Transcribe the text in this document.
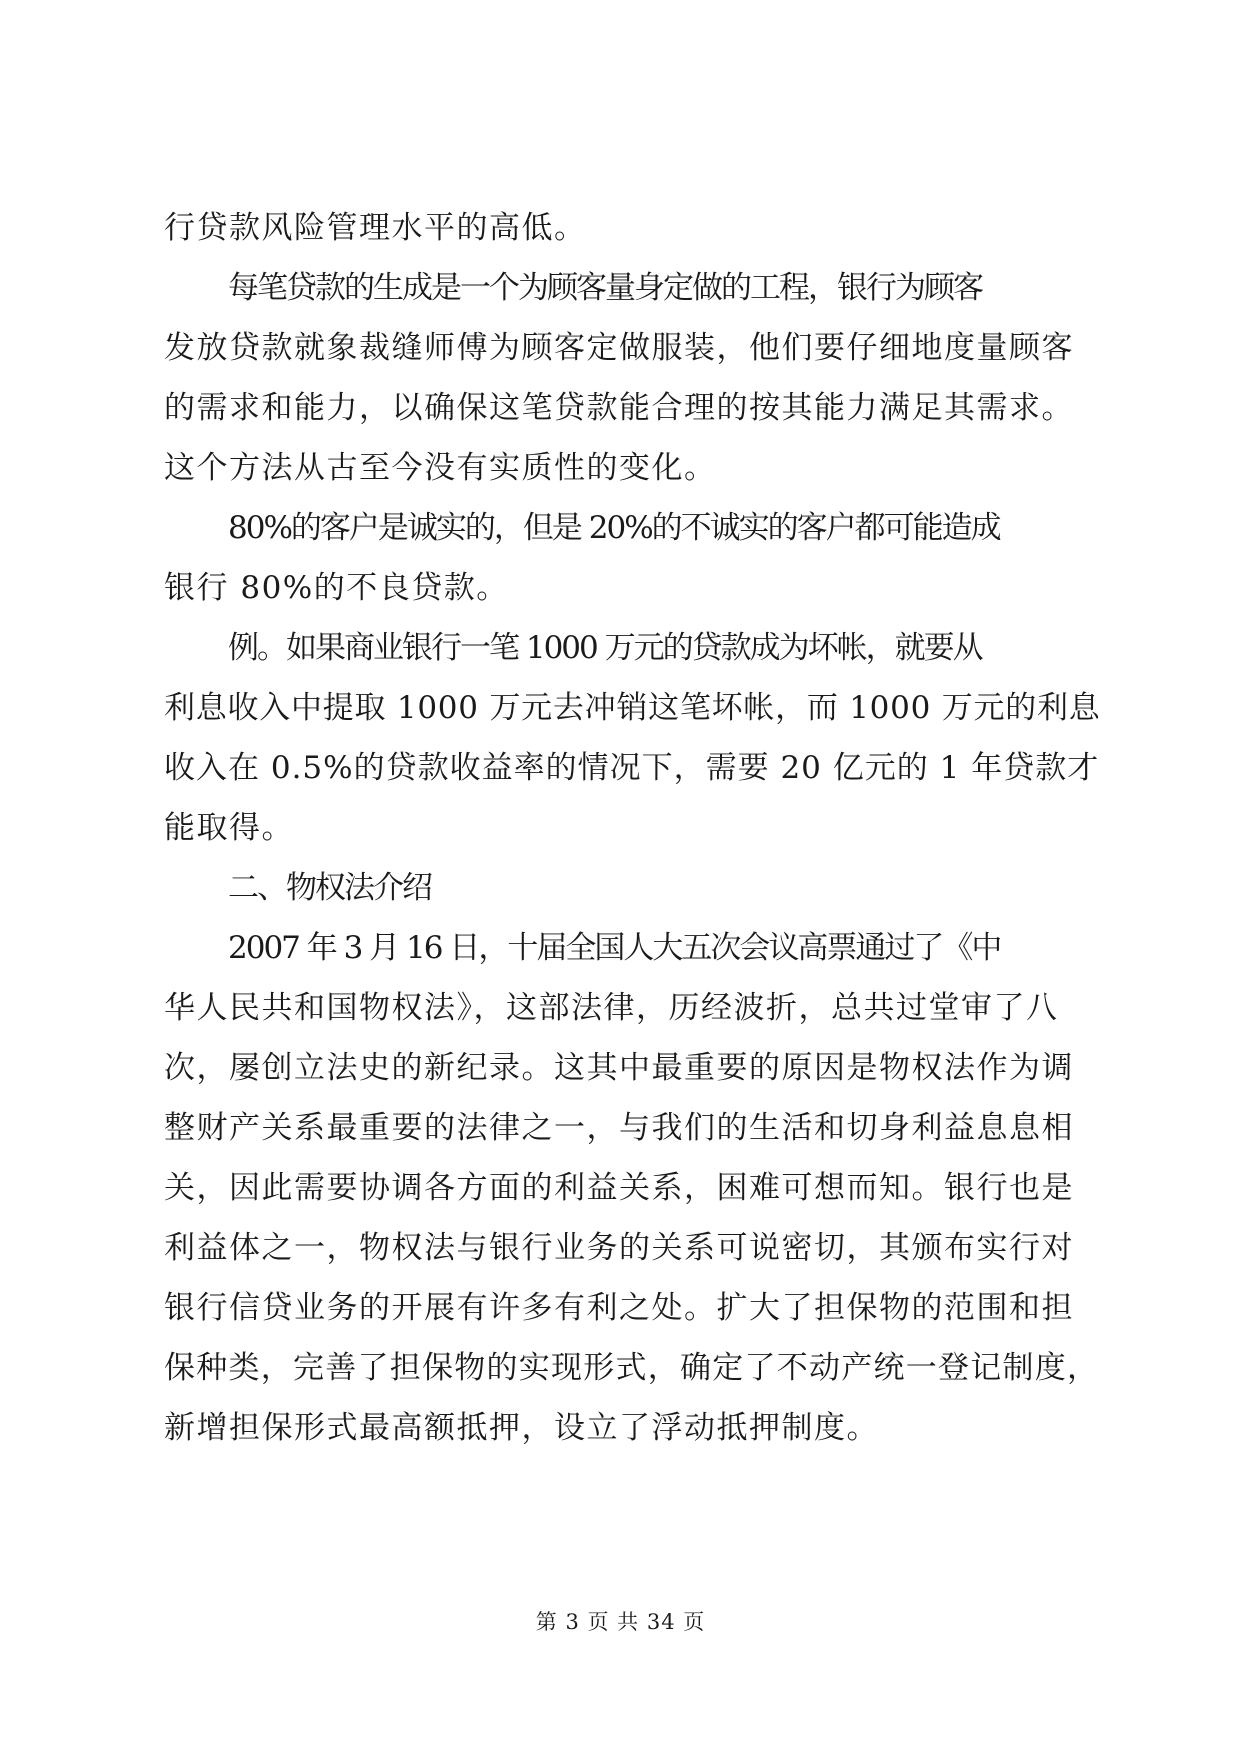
行贷款风险管理水平的高低。
每笔贷款的生成是一个为顾客量身定做的工程，银行为顾客
发放贷款就象裁缝师傅为顾客定做服装，他们要仔细地度量顾客
的需求和能力，以确保这笔贷款能合理的按其能力满足其需求。
这个方法从古至今没有实质性的变化。
80%的客户是诚实的，但是 20%的不诚实的客户都可能造成
银行 80%的不良贷款。
例。如果商业银行一笔 1000 万元的贷款成为坏帐，就要从
利息收入中提取 1000 万元去冲销这笔坏帐，而 1000 万元的利息
收入在 0.5%的贷款收益率的情况下，需要 20 亿元的 1 年贷款才
能取得。
二、物权法介绍
2007 年 3 月 16 日，十届全国人大五次会议高票通过了《中
华人民共和国物权法》，这部法律，历经波折，总共过堂审了八
次，屡创立法史的新纪录。这其中最重要的原因是物权法作为调
整财产关系最重要的法律之一，与我们的生活和切身利益息息相
关，因此需要协调各方面的利益关系，困难可想而知。银行也是
利益体之一，物权法与银行业务的关系可说密切，其颁布实行对
银行信贷业务的开展有许多有利之处。扩大了担保物的范围和担
保种类，完善了担保物的实现形式，确定了不动产统一登记制度，
新增担保形式最高额抵押，设立了浮动抵押制度。
第 3 页 共 34 页
